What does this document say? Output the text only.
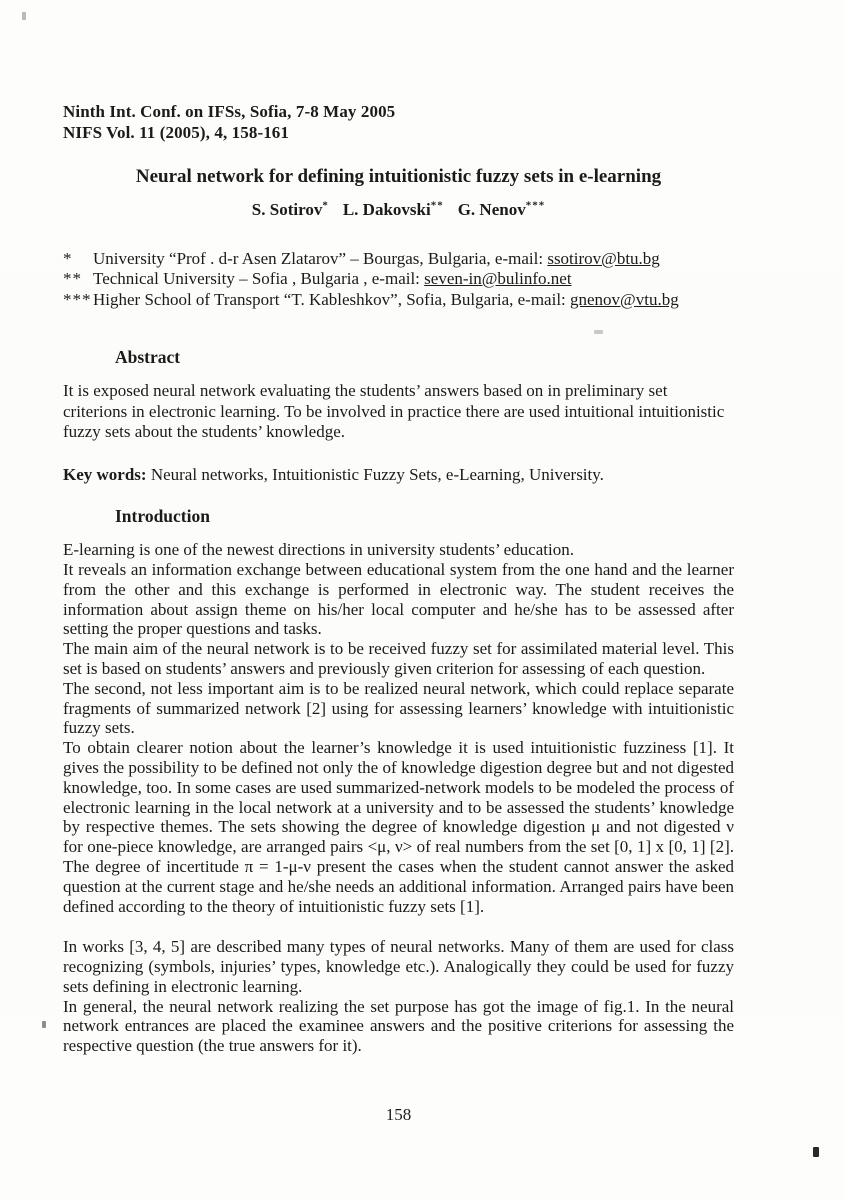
Ninth Int. Conf. on IFSs, Sofia, 7-8 May 2005
NIFS Vol. 11 (2005), 4, 158-161
Neural network for defining intuitionistic fuzzy sets in e-learning
S. Sotirov* L. Dakovski** G. Nenov***
*	University “Prof . d-r Asen Zlatarov” – Bourgas, Bulgaria, e-mail: ssotirov@btu.bg
** Technical University – Sofia , Bulgaria , e-mail: seven-in@bulinfo.net
*** Higher School of Transport “T. Kableshkov”, Sofia, Bulgaria, e-mail: gnenov@vtu.bg
Abstract

It is exposed neural network evaluating the students’ answers based on in preliminary set criterions in electronic learning. To be involved in practice there are used intuitional intuitionistic fuzzy sets about the students’ knowledge.

Key words: Neural networks, Intuitionistic Fuzzy Sets, e-Learning, University.

Introduction

E-learning is one of the newest directions in university students’ education.

It reveals an information exchange between educational system from the one hand and the learner from the other and this exchange is performed in electronic way. The student receives the information about assign theme on his/her local computer and he/she has to be assessed after setting the proper questions and tasks.

The main aim of the neural network is to be received fuzzy set for assimilated material level. This set is based on students’ answers and previously given criterion for assessing of each question.

The second, not less important aim is to be realized neural network, which could replace separate fragments of summarized network [2] using for assessing learners’ knowledge with intuitionistic fuzzy sets.

To obtain clearer notion about the learner’s knowledge it is used intuitionistic fuzziness [1]. It gives the possibility to be defined not only the of knowledge digestion degree but and not digested knowledge, too. In some cases are used summarized-network models to be modeled the process of electronic learning in the local network at a university and to be assessed the students’ knowledge by respective themes. The sets showing the degree of knowledge digestion μ and not digested ν for one-piece knowledge, are arranged pairs <μ, ν> of real numbers from the set [0, 1] x [0, 1] [2]. The degree of incertitude π = 1-μ-ν present the cases when the student cannot answer the asked question at the current stage and he/she needs an additional information. Arranged pairs have been defined according to the theory of intuitionistic fuzzy sets [1].

In works [3, 4, 5] are described many types of neural networks. Many of them are used for class recognizing (symbols, injuries’ types, knowledge etc.). Analogically they could be used for fuzzy sets defining in electronic learning.

In general, the neural network realizing the set purpose has got the image of fig.1. In the neural network entrances are placed the examinee answers and the positive criterions for assessing the respective question (the true answers for it).

158
